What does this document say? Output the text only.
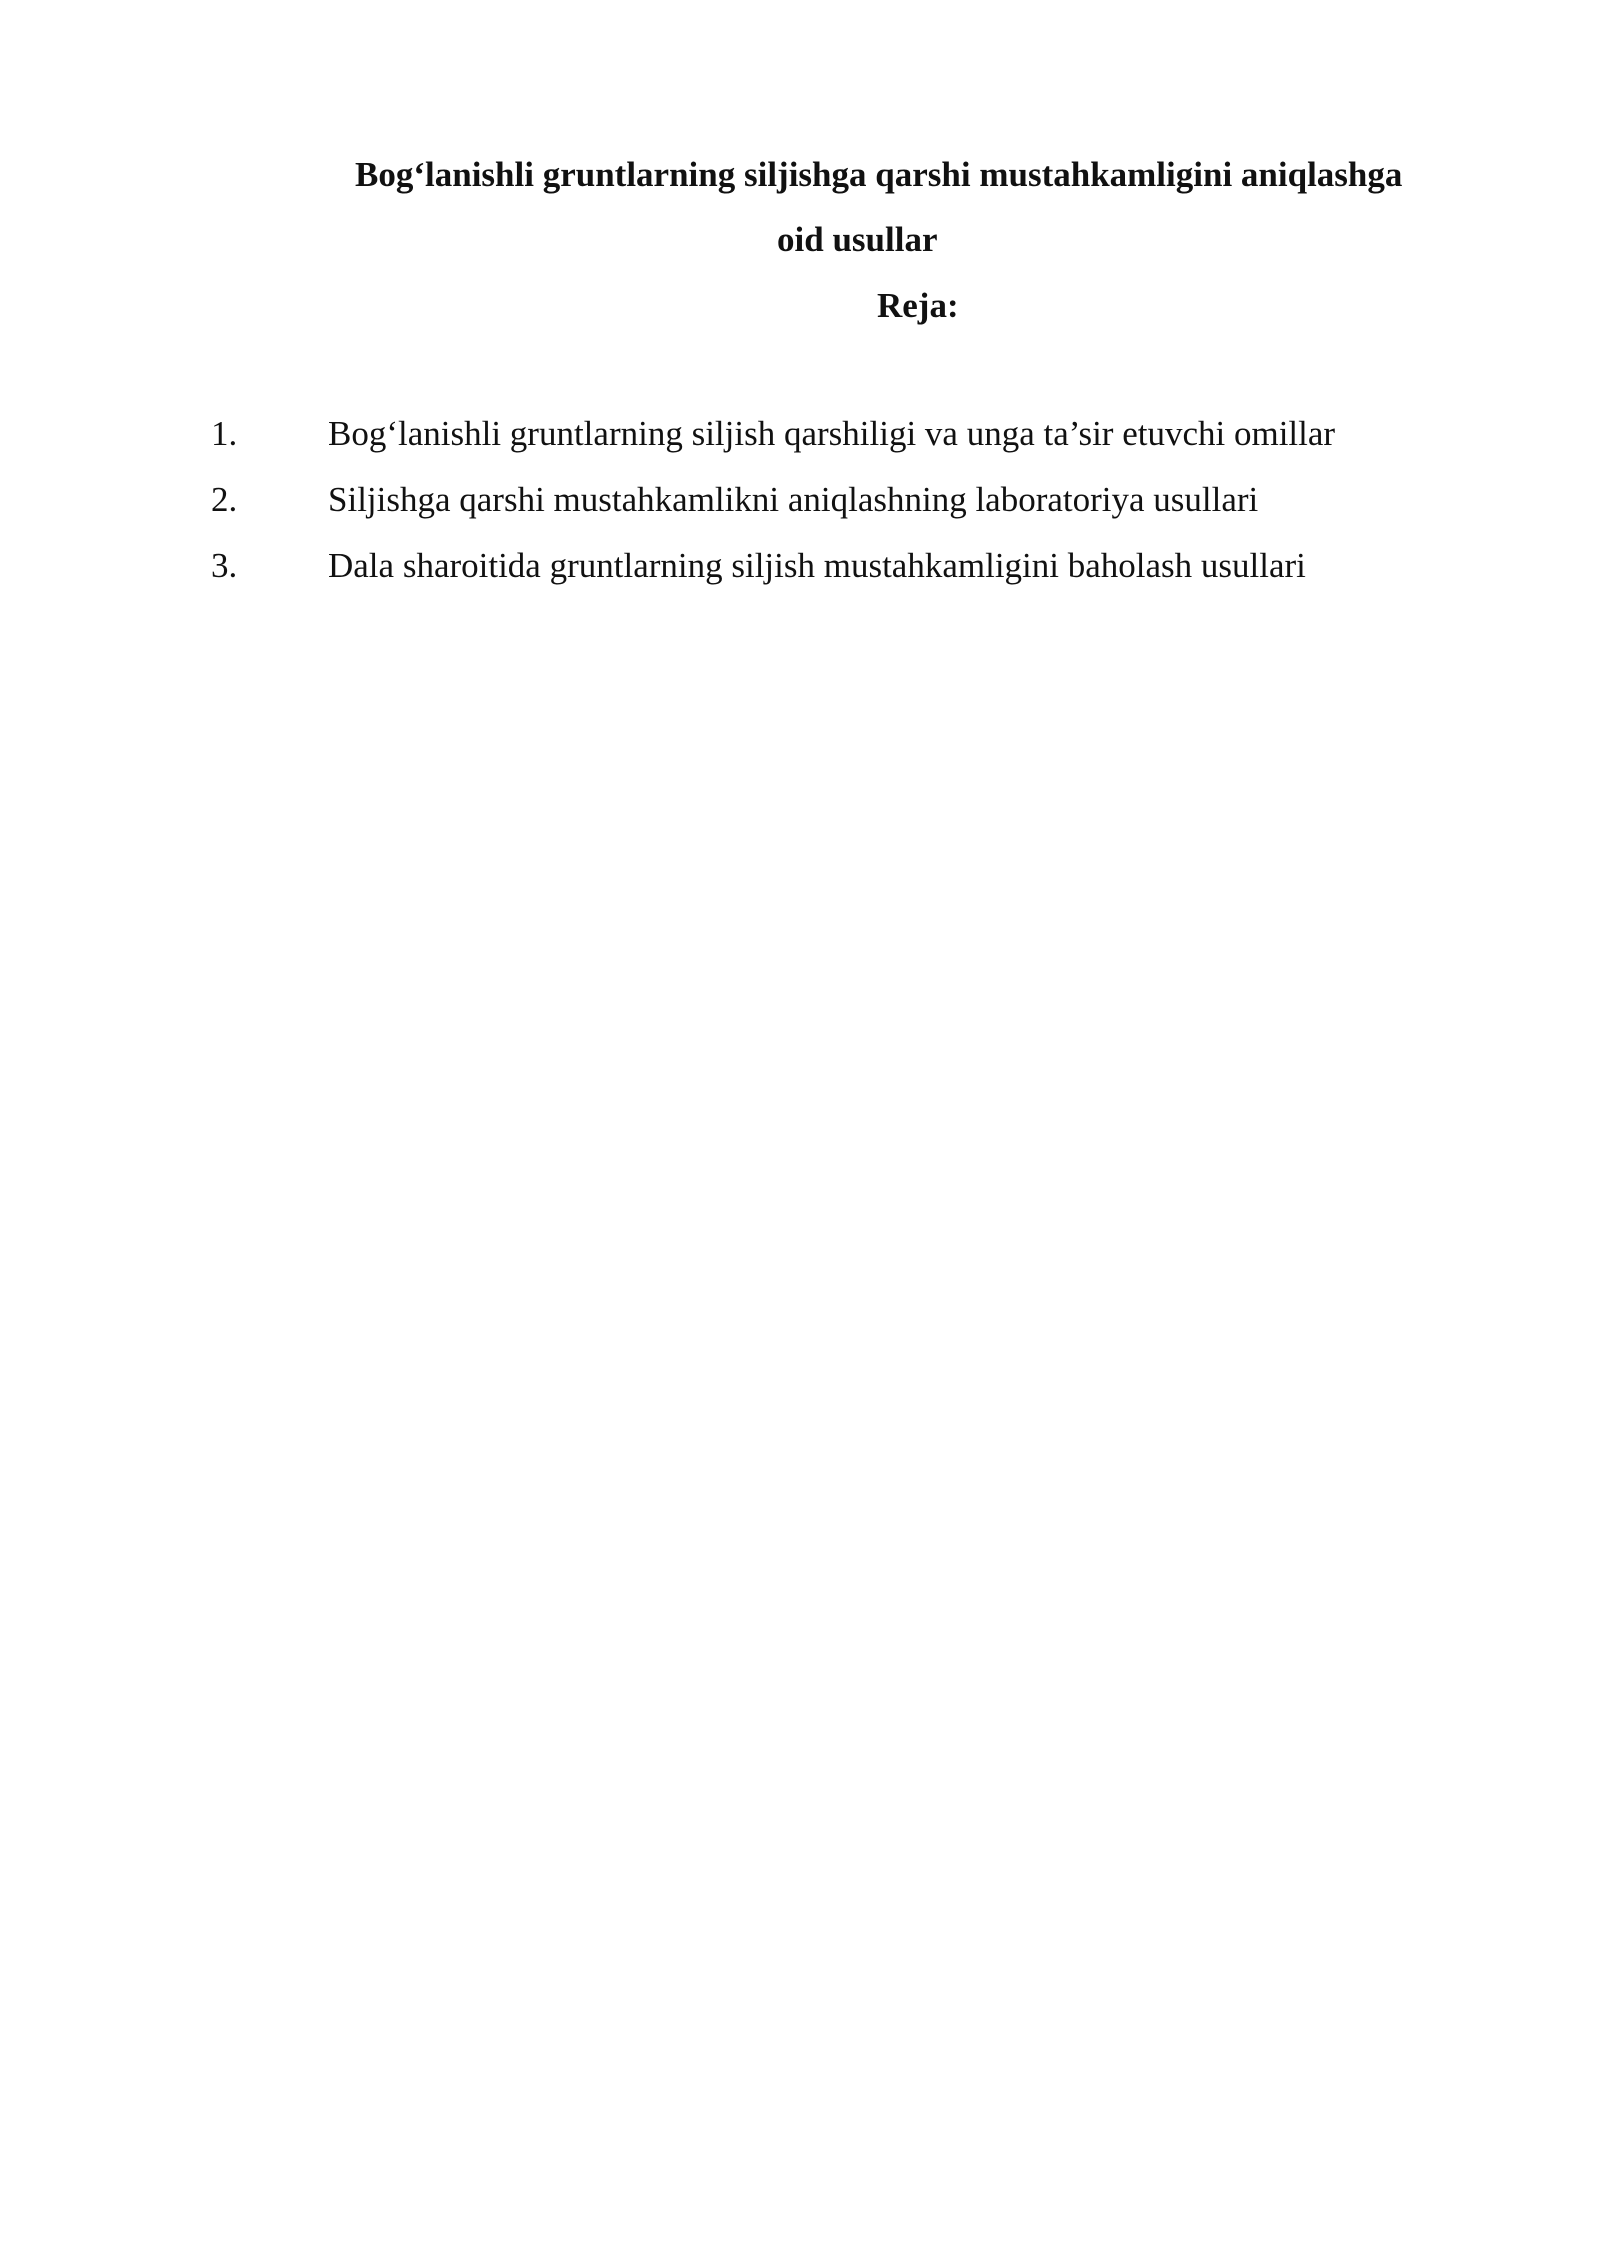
Bog‘lanishli gruntlarning siljishga qarshi mustahkamligini aniqlashga
oid usullar
Reja:
1.	Bog‘lanishli gruntlarning siljish qarshiligi va unga ta’sir etuvchi omillar
2.	Siljishga qarshi mustahkamlikni aniqlashning laboratoriya usullari
3.	Dala sharoitida gruntlarning siljish mustahkamligini baholash usullari
